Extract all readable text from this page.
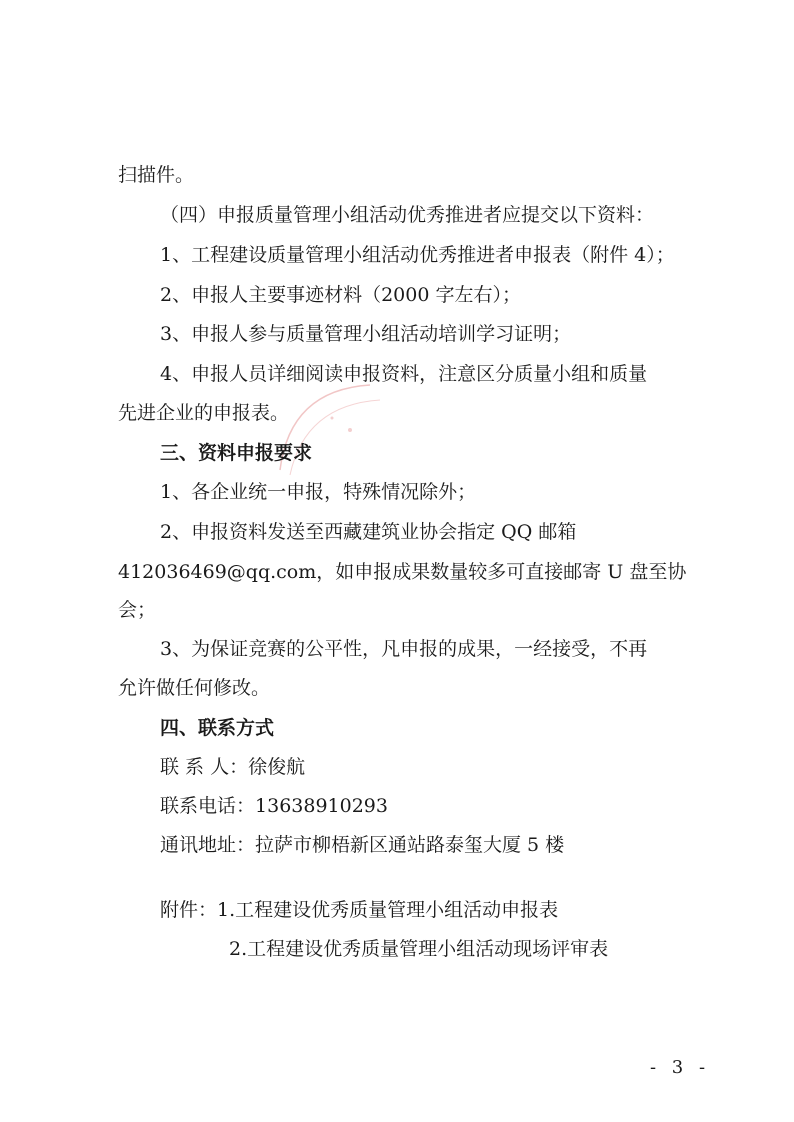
扫描件。
（四）申报质量管理小组活动优秀推进者应提交以下资料：
1、工程建设质量管理小组活动优秀推进者申报表（附件 4）；
2、申报人主要事迹材料（2000 字左右）；
3、申报人参与质量管理小组活动培训学习证明；
4、申报人员详细阅读申报资料，注意区分质量小组和质量
先进企业的申报表。
三、资料申报要求
1、各企业统一申报，特殊情况除外；
2、申报资料发送至西藏建筑业协会指定 QQ 邮箱
412036469@qq.com，如申报成果数量较多可直接邮寄 U 盘至协
会；
3、为保证竞赛的公平性，凡申报的成果，一经接受，不再
允许做任何修改。
四、联系方式
联 系 人：徐俊航
联系电话：13638910293
通讯地址：拉萨市柳梧新区通站路泰玺大厦 5 楼
附件：1.工程建设优秀质量管理小组活动申报表
2.工程建设优秀质量管理小组活动现场评审表
- 3 -
